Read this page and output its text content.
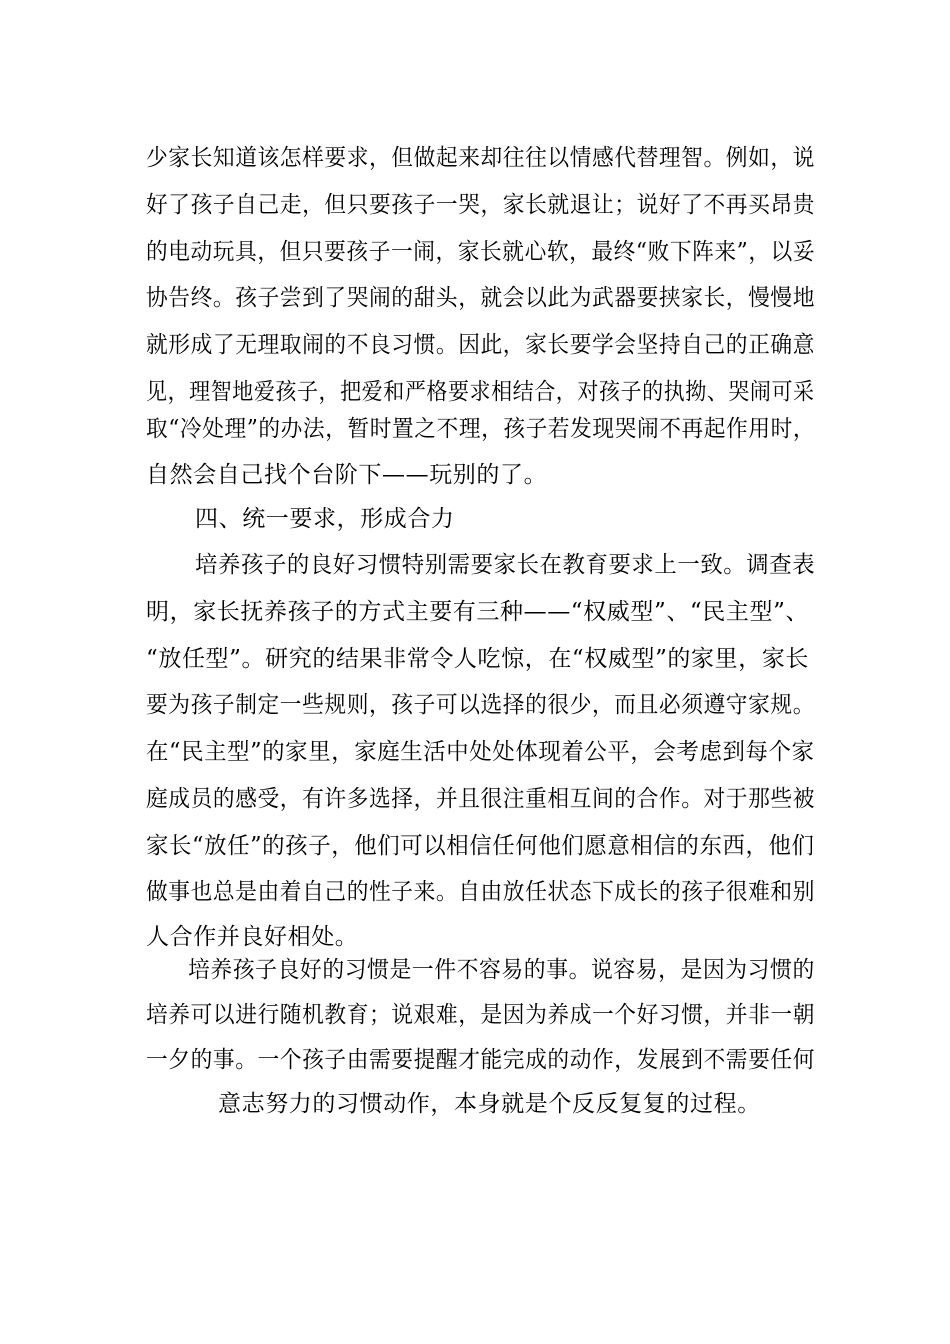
少家长知道该怎样要求，但做起来却往往以情感代替理智。例如，说
好了孩子自己走，但只要孩子一哭，家长就退让；说好了不再买昂贵
的电动玩具，但只要孩子一闹，家长就心软，最终“败下阵来”，以妥
协告终。孩子尝到了哭闹的甜头，就会以此为武器要挟家长，慢慢地
就形成了无理取闹的不良习惯。因此，家长要学会坚持自己的正确意
见，理智地爱孩子，把爱和严格要求相结合，对孩子的执拗、哭闹可采
取“冷处理”的办法，暂时置之不理，孩子若发现哭闹不再起作用时，
自然会自己找个台阶下——玩别的了。
四、统一要求，形成合力
培养孩子的良好习惯特别需要家长在教育要求上一致。调查表
明，家长抚养孩子的方式主要有三种——“权威型”、“民主型”、
“放任型”。研究的结果非常令人吃惊，在“权威型”的家里，家长
要为孩子制定一些规则，孩子可以选择的很少，而且必须遵守家规。
在“民主型”的家里，家庭生活中处处体现着公平，会考虑到每个家
庭成员的感受，有许多选择，并且很注重相互间的合作。对于那些被
家长“放任”的孩子，他们可以相信任何他们愿意相信的东西，他们
做事也总是由着自己的性子来。自由放任状态下成长的孩子很难和别
人合作并良好相处。
培养孩子良好的习惯是一件不容易的事。说容易，是因为习惯的
培养可以进行随机教育；说艰难，是因为养成一个好习惯，并非一朝
一夕的事。一个孩子由需要提醒才能完成的动作，发展到不需要任何
意志努力的习惯动作，本身就是个反反复复的过程。
